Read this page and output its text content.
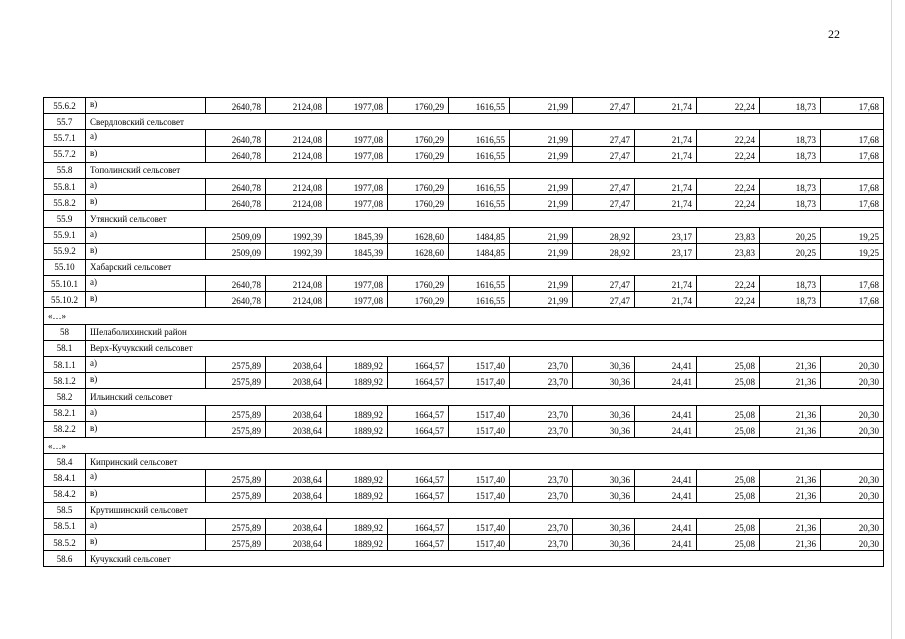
22
55.6.2	в)	2640,78	2124,08	1977,08	1760,29	1616,55	21,99	27,47	21,74	22,24	18,73	17,68
55.7	Свердловский сельсовет											
55.7.1	а)	2640,78	2124,08	1977,08	1760,29	1616,55	21,99	27,47	21,74	22,24	18,73	17,68
55.7.2	в)	2640,78	2124,08	1977,08	1760,29	1616,55	21,99	27,47	21,74	22,24	18,73	17,68
55.8	Тополинский сельсовет											
55.8.1	а)	2640,78	2124,08	1977,08	1760,29	1616,55	21,99	27,47	21,74	22,24	18,73	17,68
55.8.2	в)	2640,78	2124,08	1977,08	1760,29	1616,55	21,99	27,47	21,74	22,24	18,73	17,68
55.9	Утянский сельсовет											
55.9.1	а)	2509,09	1992,39	1845,39	1628,60	1484,85	21,99	28,92	23,17	23,83	20,25	19,25
55.9.2	в)	2509,09	1992,39	1845,39	1628,60	1484,85	21,99	28,92	23,17	23,83	20,25	19,25
55.10	Хабарский сельсовет											
55.10.1	а)	2640,78	2124,08	1977,08	1760,29	1616,55	21,99	27,47	21,74	22,24	18,73	17,68
55.10.2	в)	2640,78	2124,08	1977,08	1760,29	1616,55	21,99	27,47	21,74	22,24	18,73	17,68
«…»												
58	Шелаболихинский район											
58.1	Верх-Кучукский сельсовет											
58.1.1	а)	2575,89	2038,64	1889,92	1664,57	1517,40	23,70	30,36	24,41	25,08	21,36	20,30
58.1.2	в)	2575,89	2038,64	1889,92	1664,57	1517,40	23,70	30,36	24,41	25,08	21,36	20,30
58.2	Ильинский сельсовет											
58.2.1	а)	2575,89	2038,64	1889,92	1664,57	1517,40	23,70	30,36	24,41	25,08	21,36	20,30
58.2.2	в)	2575,89	2038,64	1889,92	1664,57	1517,40	23,70	30,36	24,41	25,08	21,36	20,30
«…»												
58.4	Кипринский сельсовет											
58.4.1	а)	2575,89	2038,64	1889,92	1664,57	1517,40	23,70	30,36	24,41	25,08	21,36	20,30
58.4.2	в)	2575,89	2038,64	1889,92	1664,57	1517,40	23,70	30,36	24,41	25,08	21,36	20,30
58.5	Крутишинский сельсовет											
58.5.1	а)	2575,89	2038,64	1889,92	1664,57	1517,40	23,70	30,36	24,41	25,08	21,36	20,30
58.5.2	в)	2575,89	2038,64	1889,92	1664,57	1517,40	23,70	30,36	24,41	25,08	21,36	20,30
58.6	Кучукский сельсовет											
